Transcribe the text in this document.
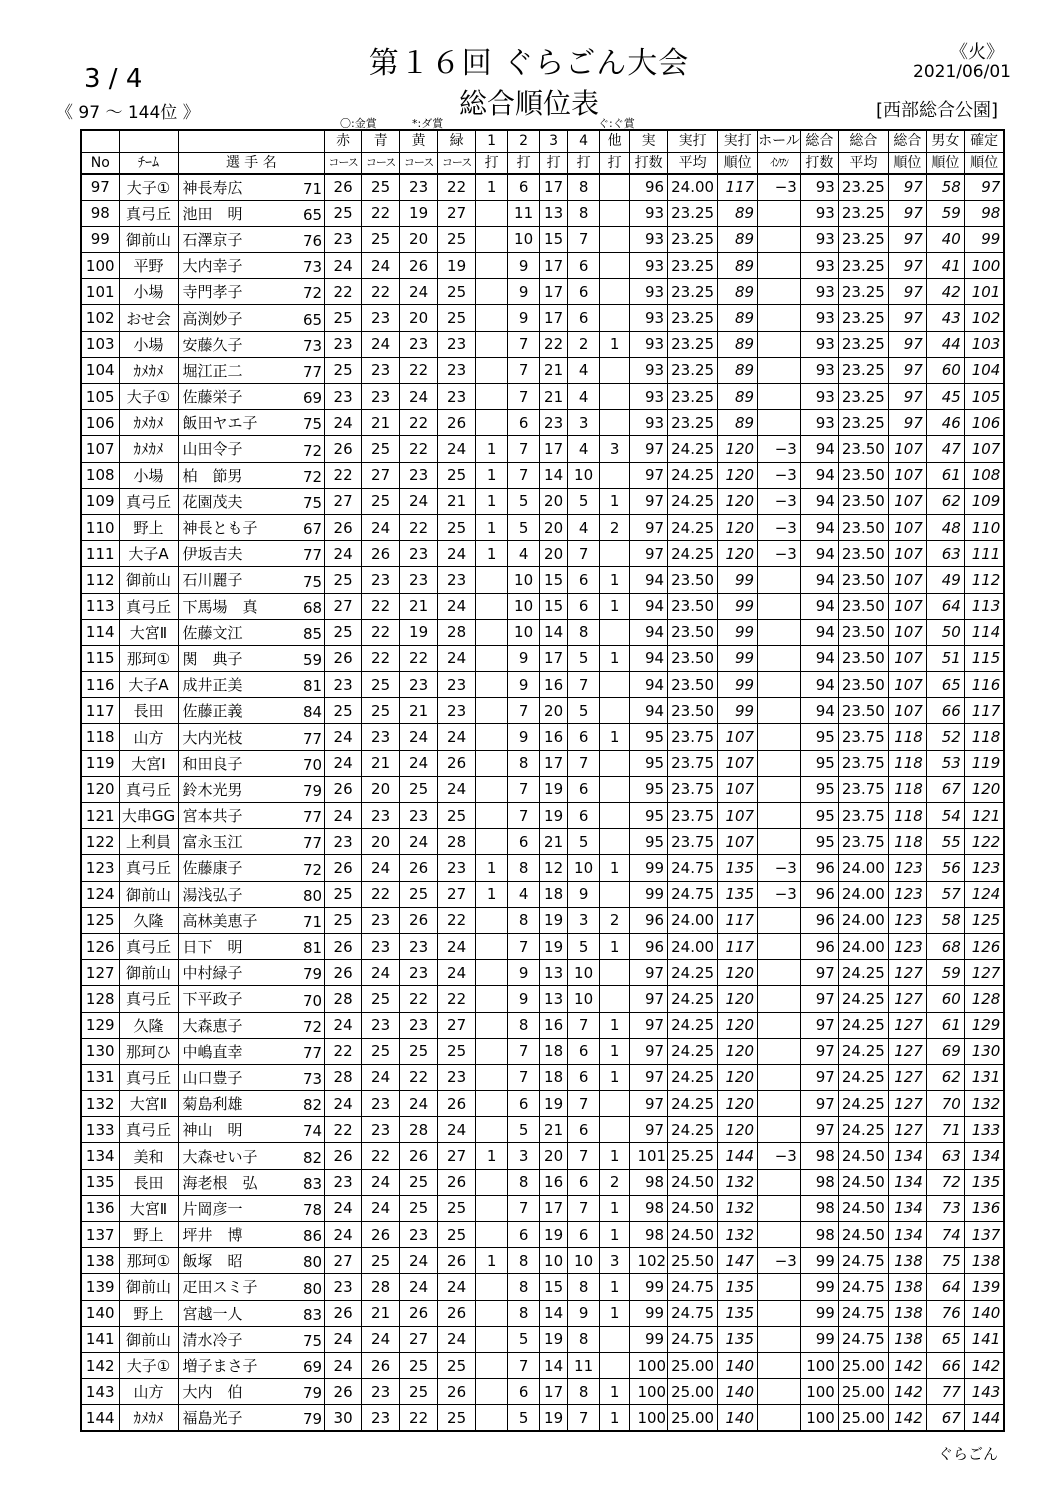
第１６回 ぐらごん大会
総合順位表
3 / 4
《 97 ～ 144位 》
《火》
2021/06/01
[西部総合公園]
〇:金賞	*:ダ賞	ぐ:ぐ賞
				赤	青	黄	緑	1	2	3	4	他	実	実打	実打	ホール	総合	総合	総合	男女	確定
No	ﾁｰﾑ	選 手 名		コース	コース	コース	コース	打	打	打	打	打	打数	平均	順位	ｲﾝﾜﾝ	打数	平均	順位	順位	順位
97	大子①	神長寿広	71	26	25	23	22	1	6	17	8		96	24.00	117	−3	93	23.25	97	58	97
98	真弓丘	池田　明	65	25	22	19	27		11	13	8		93	23.25	89		93	23.25	97	59	98
99	御前山	石澤京子	76	23	25	20	25		10	15	7		93	23.25	89		93	23.25	97	40	99
100	平野	大内幸子	73	24	24	26	19		9	17	6		93	23.25	89		93	23.25	97	41	100
101	小場	寺門孝子	72	22	22	24	25		9	17	6		93	23.25	89		93	23.25	97	42	101
102	おせ会	高渕妙子	65	25	23	20	25		9	17	6		93	23.25	89		93	23.25	97	43	102
103	小場	安藤久子	73	23	24	23	23		7	22	2	1	93	23.25	89		93	23.25	97	44	103
104	ｶﾒｶﾒ	堀江正二	77	25	23	22	23		7	21	4		93	23.25	89		93	23.25	97	60	104
105	大子①	佐藤栄子	69	23	23	24	23		7	21	4		93	23.25	89		93	23.25	97	45	105
106	ｶﾒｶﾒ	飯田ヤエ子	75	24	21	22	26		6	23	3		93	23.25	89		93	23.25	97	46	106
107	ｶﾒｶﾒ	山田令子	72	26	25	22	24	1	7	17	4	3	97	24.25	120	−3	94	23.50	107	47	107
108	小場	柏　節男	72	22	27	23	25	1	7	14	10		97	24.25	120	−3	94	23.50	107	61	108
109	真弓丘	花園茂夫	75	27	25	24	21	1	5	20	5	1	97	24.25	120	−3	94	23.50	107	62	109
110	野上	神長とも子	67	26	24	22	25	1	5	20	4	2	97	24.25	120	−3	94	23.50	107	48	110
111	大子A	伊坂吉夫	77	24	26	23	24	1	4	20	7		97	24.25	120	−3	94	23.50	107	63	111
112	御前山	石川麗子	75	25	23	23	23		10	15	6	1	94	23.50	99		94	23.50	107	49	112
113	真弓丘	下馬場　真	68	27	22	21	24		10	15	6	1	94	23.50	99		94	23.50	107	64	113
114	大宮Ⅱ	佐藤文江	85	25	22	19	28		10	14	8		94	23.50	99		94	23.50	107	50	114
115	那珂①	関　典子	59	26	22	22	24		9	17	5	1	94	23.50	99		94	23.50	107	51	115
116	大子A	成井正美	81	23	25	23	23		9	16	7		94	23.50	99		94	23.50	107	65	116
117	長田	佐藤正義	84	25	25	21	23		7	20	5		94	23.50	99		94	23.50	107	66	117
118	山方	大内光枝	77	24	23	24	24		9	16	6	1	95	23.75	107		95	23.75	118	52	118
119	大宮Ⅰ	和田良子	70	24	21	24	26		8	17	7		95	23.75	107		95	23.75	118	53	119
120	真弓丘	鈴木光男	79	26	20	25	24		7	19	6		95	23.75	107		95	23.75	118	67	120
121	大串GG	宮本共子	77	24	23	23	25		7	19	6		95	23.75	107		95	23.75	118	54	121
122	上利員	富永玉江	77	23	20	24	28		6	21	5		95	23.75	107		95	23.75	118	55	122
123	真弓丘	佐藤康子	72	26	24	26	23	1	8	12	10	1	99	24.75	135	−3	96	24.00	123	56	123
124	御前山	湯浅弘子	80	25	22	25	27	1	4	18	9		99	24.75	135	−3	96	24.00	123	57	124
125	久隆	高林美恵子	71	25	23	26	22		8	19	3	2	96	24.00	117		96	24.00	123	58	125
126	真弓丘	日下　明	81	26	23	23	24		7	19	5	1	96	24.00	117		96	24.00	123	68	126
127	御前山	中村緑子	79	26	24	23	24		9	13	10		97	24.25	120		97	24.25	127	59	127
128	真弓丘	下平政子	70	28	25	22	22		9	13	10		97	24.25	120		97	24.25	127	60	128
129	久隆	大森恵子	72	24	23	23	27		8	16	7	1	97	24.25	120		97	24.25	127	61	129
130	那珂ひ	中嶋直幸	77	22	25	25	25		7	18	6	1	97	24.25	120		97	24.25	127	69	130
131	真弓丘	山口豊子	73	28	24	22	23		7	18	6	1	97	24.25	120		97	24.25	127	62	131
132	大宮Ⅱ	菊島利雄	82	24	23	24	26		6	19	7		97	24.25	120		97	24.25	127	70	132
133	真弓丘	神山　明	74	22	23	28	24		5	21	6		97	24.25	120		97	24.25	127	71	133
134	美和	大森せい子	82	26	22	26	27	1	3	20	7	1	101	25.25	144	−3	98	24.50	134	63	134
135	長田	海老根　弘	83	23	24	25	26		8	16	6	2	98	24.50	132		98	24.50	134	72	135
136	大宮Ⅱ	片岡彦一	78	24	24	25	25		7	17	7	1	98	24.50	132		98	24.50	134	73	136
137	野上	坪井　博	86	24	26	23	25		6	19	6	1	98	24.50	132		98	24.50	134	74	137
138	那珂①	飯塚　昭	80	27	25	24	26	1	8	10	10	3	102	25.50	147	−3	99	24.75	138	75	138
139	御前山	疋田スミ子	80	23	28	24	24		8	15	8	1	99	24.75	135		99	24.75	138	64	139
140	野上	宮越一人	83	26	21	26	26		8	14	9	1	99	24.75	135		99	24.75	138	76	140
141	御前山	清水冷子	75	24	24	27	24		5	19	8		99	24.75	135		99	24.75	138	65	141
142	大子①	増子まさ子	69	24	26	25	25		7	14	11		100	25.00	140		100	25.00	142	66	142
143	山方	大内　伯	79	26	23	25	26		6	17	8	1	100	25.00	140		100	25.00	142	77	143
144	ｶﾒｶﾒ	福島光子	79	30	23	22	25		5	19	7	1	100	25.00	140		100	25.00	142	67	144
ぐらごん
